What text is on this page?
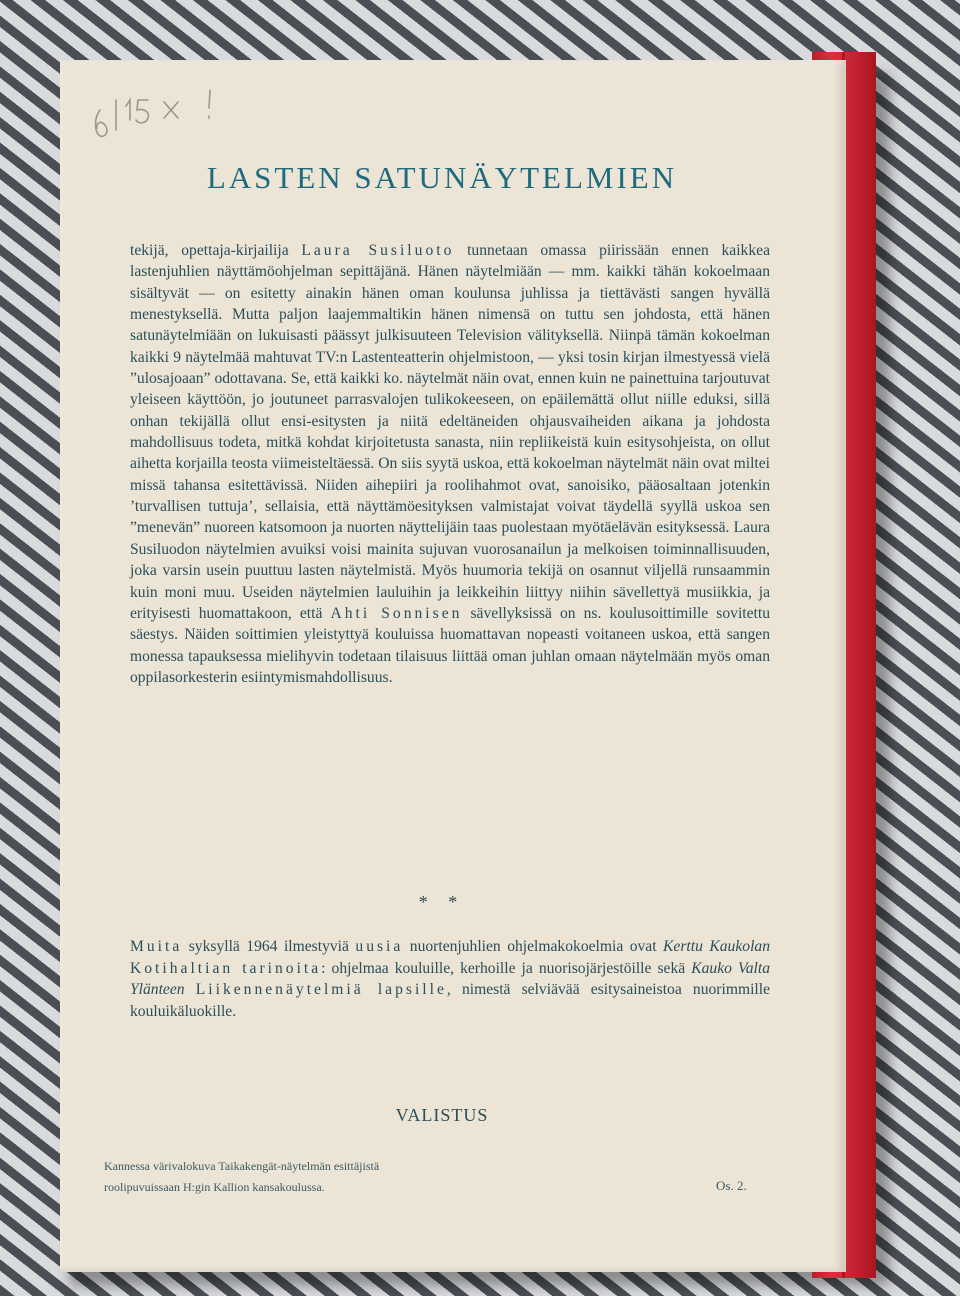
LASTEN SATUNÄYTELMIEN

tekijä, opettaja-kirjailija Laura Susiluoto tunnetaan omassa piirissään ennen kaikkea lastenjuhlien näyttämöohjelman sepittäjänä. Hänen näytelmiään — mm. kaikki tähän kokoelmaan sisältyvät — on esitetty ainakin hänen oman koulunsa juhlissa ja tiettävästi sangen hyvällä menestyksellä. Mutta paljon laajemmaltikin hänen nimensä on tuttu sen johdosta, että hänen satunäytelmiään on lukuisasti päässyt julkisuuteen Television välityksellä. Niinpä tämän kokoelman kaikki 9 näytelmää mahtuvat TV:n Lastenteatterin ohjelmistoon, — yksi tosin kirjan ilmestyessä vielä ”ulosajoaan” odottavana. Se, että kaikki ko. näytelmät näin ovat, ennen kuin ne painettuina tarjoutuvat yleiseen käyttöön, jo joutuneet parrasvalojen tulikokeeseen, on epäilemättä ollut niille eduksi, sillä onhan tekijällä ollut ensi-esitysten ja niitä edeltäneiden ohjausvaiheiden aikana ja johdosta mahdollisuus todeta, mitkä kohdat kirjoitetusta sanasta, niin repliikeistä kuin esitysohjeista, on ollut aihetta korjailla teosta viimeisteltäessä. On siis syytä uskoa, että kokoelman näytelmät näin ovat miltei missä tahansa esitettävissä. Niiden aihepiiri ja roolihahmot ovat, sanoisiko, pääosaltaan jotenkin ’turvallisen tuttuja’, sellaisia, että näyttämöesityksen valmistajat voivat täydellä syyllä uskoa sen ”menevän” nuoreen katsomoon ja nuorten näyttelijäin taas puolestaan myötäelävän esityksessä. Laura Susiluodon näytelmien avuiksi voisi mainita sujuvan vuorosanailun ja melkoisen toiminnallisuuden, joka varsin usein puuttuu lasten näytelmistä. Myös huumoria tekijä on osannut viljellä runsaammin kuin moni muu. Useiden näytelmien lauluihin ja leikkeihin liittyy niihin sävellettyä musiikkia, ja erityisesti huomattakoon, että Ahti Sonnisen sävellyksissä on ns. koulusoittimille sovitettu säestys. Näiden soittimien yleistyttyä kouluissa huomattavan nopeasti voitaneen uskoa, että sangen monessa tapauksessa mielihyvin todetaan tilaisuus liittää oman juhlan omaan näytelmään myös oman oppilasorkesterin esiintymismahdollisuus.

* *

Muita syksyllä 1964 ilmestyviä uusia nuortenjuhlien ohjelmakokoelmia ovat Kerttu Kaukolan Kotihaltian tarinoita: ohjelmaa kouluille, kerhoille ja nuorisojärjestöille sekä Kauko Valta Ylänteen Liikennenäytelmiä lapsille, nimestä selviävää esitysaineistoa nuorimmille kouluikäluokille.

VALISTUS

Kannessa värivalokuva Taikakengät-näytelmän esittäjistä
roolipuvuissaan H:gin Kallion kansakoulussa.	Os. 2.
